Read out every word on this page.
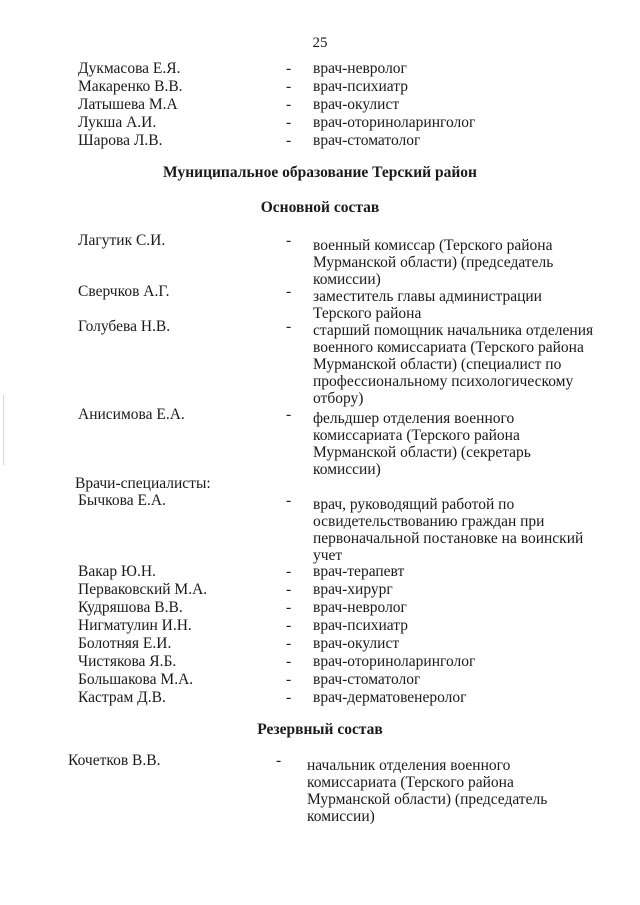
25
Дукмасова Е.Я.	- врач-невролог
Макаренко В.В.	- врач-психиатр
Латышева М.А	- врач-окулист
Лукша А.И.	- врач-оториноларинголог
Шарова Л.В.	- врач-стоматолог
Муниципальное образование Терский район
Основной состав
Лагутик С.И.	- военный комиссар (Терского района
Мурманской области) (председатель
комиссии)
Сверчков А.Г.	- заместитель главы администрации
Терского района
Голубева Н.В.	- старший помощник начальника отделения
военного комиссариата (Терского района
Мурманской области) (специалист по
профессиональному психологическому
отбору)
Анисимова Е.А.	- фельдшер отделения военного
комиссариата (Терского района
Мурманской области) (секретарь
комиссии)
Врачи-специалисты:
Бычкова Е.А.	- врач, руководящий работой по
освидетельствованию граждан при
первоначальной постановке на воинский
учет
Вакар Ю.Н.	- врач-терапевт
Перваковский М.А.	- врач-хирург
Кудряшова В.В.	- врач-невролог
Нигматулин И.Н.	- врач-психиатр
Болотняя Е.И.	- врач-окулист
Чистякова Я.Б.	- врач-оториноларинголог
Большакова М.А.	- врач-стоматолог
Кастрам Д.В.	- врач-дерматовенеролог
Резервный состав
Кочетков В.В.	- начальник отделения военного
комиссариата (Терского района
Мурманской области) (председатель
комиссии)
